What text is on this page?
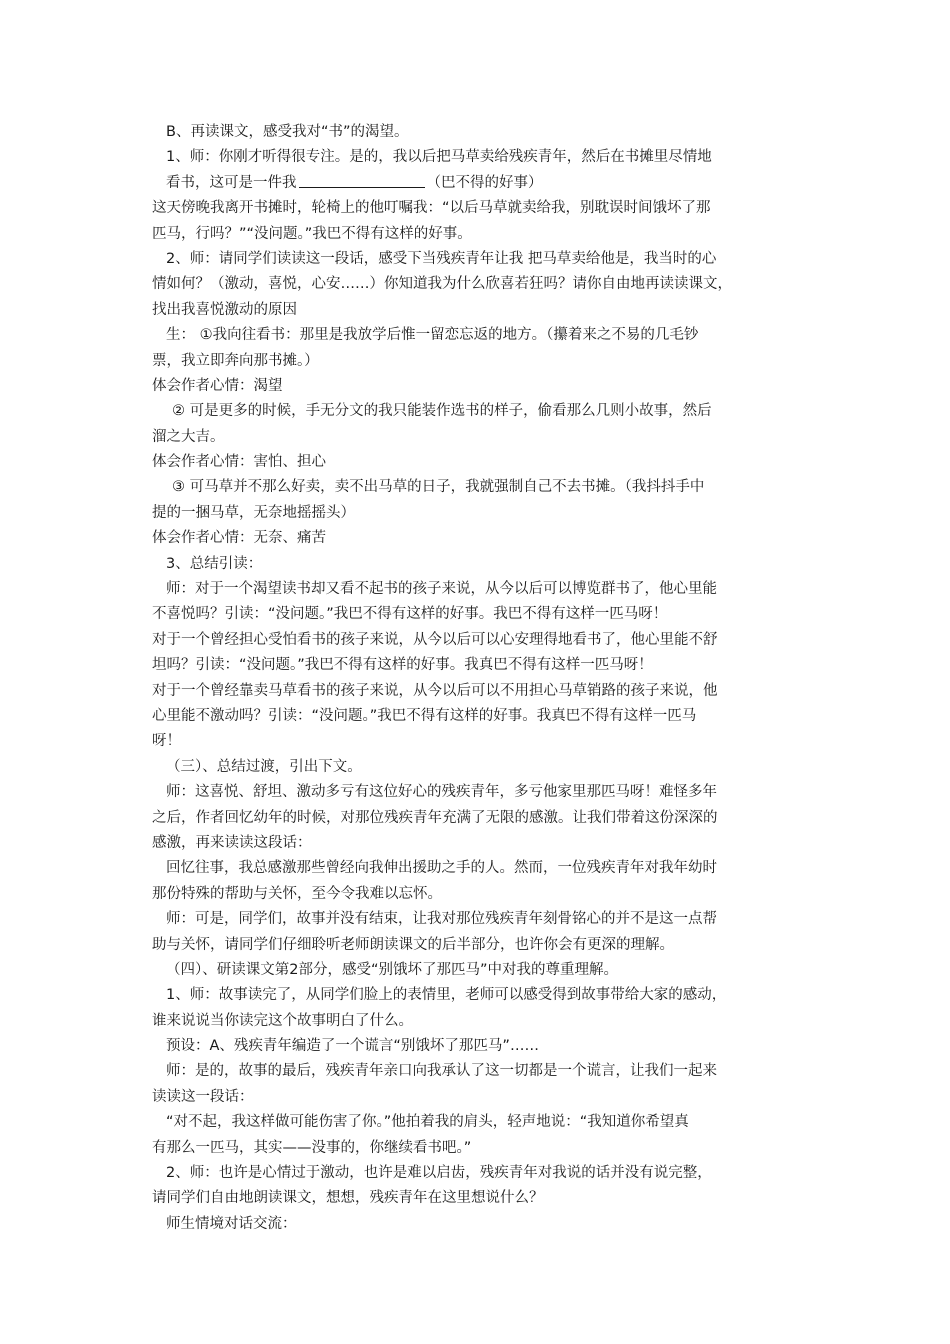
B、再读课文，感受我对“书”的渴望。
1、师：你刚才听得很专注。是的，我以后把马草卖给残疾青年，然后在书摊里尽情地
看书，这可是一件我	（巴不得的好事）
这天傍晚我离开书摊时，轮椅上的他叮嘱我：“以后马草就卖给我，别耽误时间饿坏了那
匹马，行吗？”“没问题。”我巴不得有这样的好事。
2、师：请同学们读读这一段话，感受下当残疾青年让我 把马草卖给他是，我当时的心
情如何？（激动，喜悦，心安……）你知道我为什么欣喜若狂吗？请你自由地再读读课文，
找出我喜悦激动的原因
生： ①我向往看书：那里是我放学后惟一留恋忘返的地方。（攥着来之不易的几毛钞
票，我立即奔向那书摊。）
体会作者心情：渴望
② 可是更多的时候，手无分文的我只能装作选书的样子，偷看那么几则小故事，然后
溜之大吉。
体会作者心情：害怕、担心
③ 可马草并不那么好卖，卖不出马草的日子，我就强制自己不去书摊。（我抖抖手中
提的一捆马草，无奈地摇摇头）
体会作者心情：无奈、痛苦
3、总结引读：
师：对于一个渴望读书却又看不起书的孩子来说，从今以后可以博览群书了，他心里能
不喜悦吗？引读：“没问题。”我巴不得有这样的好事。我巴不得有这样一匹马呀！
对于一个曾经担心受怕看书的孩子来说，从今以后可以心安理得地看书了，他心里能不舒
坦吗？引读：“没问题。”我巴不得有这样的好事。我真巴不得有这样一匹马呀！
对于一个曾经靠卖马草看书的孩子来说，从今以后可以不用担心马草销路的孩子来说，他
心里能不激动吗？引读：“没问题。”我巴不得有这样的好事。我真巴不得有这样一匹马
呀！
（三）、总结过渡，引出下文。
师：这喜悦、舒坦、激动多亏有这位好心的残疾青年，多亏他家里那匹马呀！难怪多年
之后，作者回忆幼年的时候，对那位残疾青年充满了无限的感激。让我们带着这份深深的
感激，再来读读这段话：
回忆往事，我总感激那些曾经向我伸出援助之手的人。然而，一位残疾青年对我年幼时
那份特殊的帮助与关怀，至今令我难以忘怀。
师：可是，同学们，故事并没有结束，让我对那位残疾青年刻骨铭心的并不是这一点帮
助与关怀，请同学们仔细聆听老师朗读课文的后半部分，也许你会有更深的理解。
（四）、研读课文第2部分，感受“别饿坏了那匹马”中对我的尊重理解。
1、师：故事读完了，从同学们脸上的表情里，老师可以感受得到故事带给大家的感动，
谁来说说当你读完这个故事明白了什么。
预设：A、残疾青年编造了一个谎言“别饿坏了那匹马”……
师：是的，故事的最后，残疾青年亲口向我承认了这一切都是一个谎言，让我们一起来
读读这一段话：
“对不起，我这样做可能伤害了你。”他拍着我的肩头，轻声地说：“我知道你希望真
有那么一匹马，其实——没事的，你继续看书吧。”
2、师：也许是心情过于激动，也许是难以启齿，残疾青年对我说的话并没有说完整，
请同学们自由地朗读课文，想想，残疾青年在这里想说什么？
师生情境对话交流：
